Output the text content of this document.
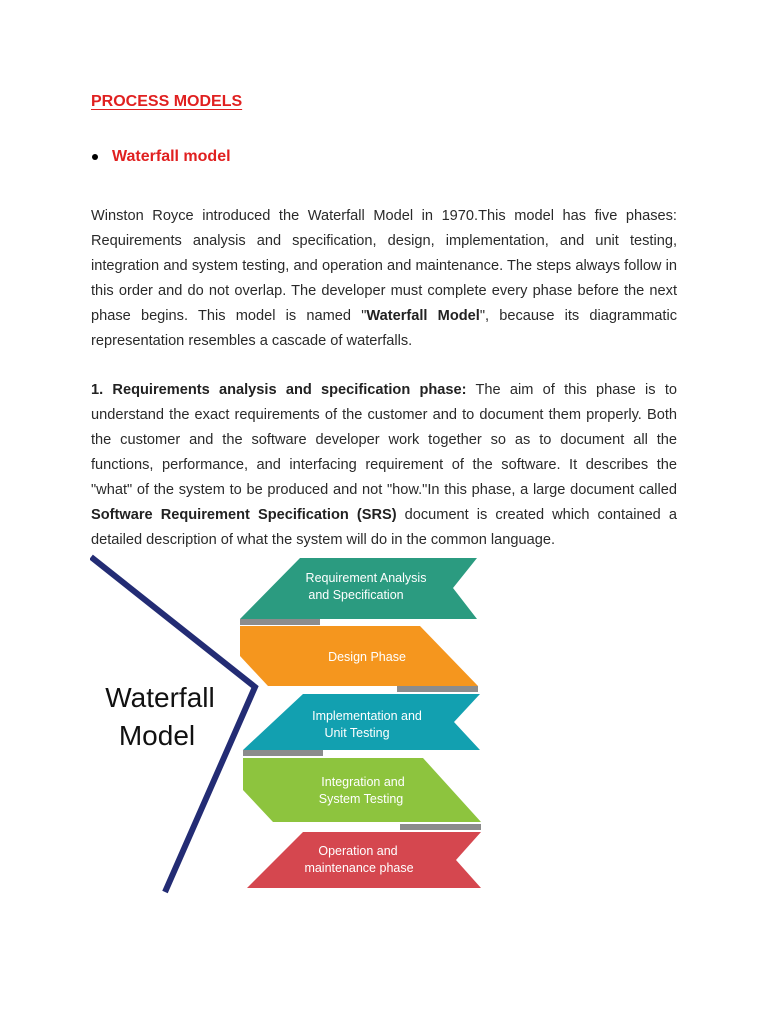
PROCESS MODELS
Waterfall model

Winston Royce introduced the Waterfall Model in 1970.This model has five phases: Requirements analysis and specification, design, implementation, and unit testing, integration and system testing, and operation and maintenance. The steps always follow in this order and do not overlap. The developer must complete every phase before the next phase begins. This model is named "Waterfall Model", because its diagrammatic representation resembles a cascade of waterfalls.

1. Requirements analysis and specification phase: The aim of this phase is to understand the exact requirements of the customer and to document them properly. Both the customer and the software developer work together so as to document all the functions, performance, and interfacing requirement of the software. It describes the "what" of the system to be produced and not "how."In this phase, a large document called Software Requirement Specification (SRS) document is created which contained a detailed description of what the system will do in the common language.

Waterfall
Model
Requirement Analysis
and Specification
Design Phase
Implementation and
Unit Testing
Integration and
System Testing
Operation and
maintenance phase
